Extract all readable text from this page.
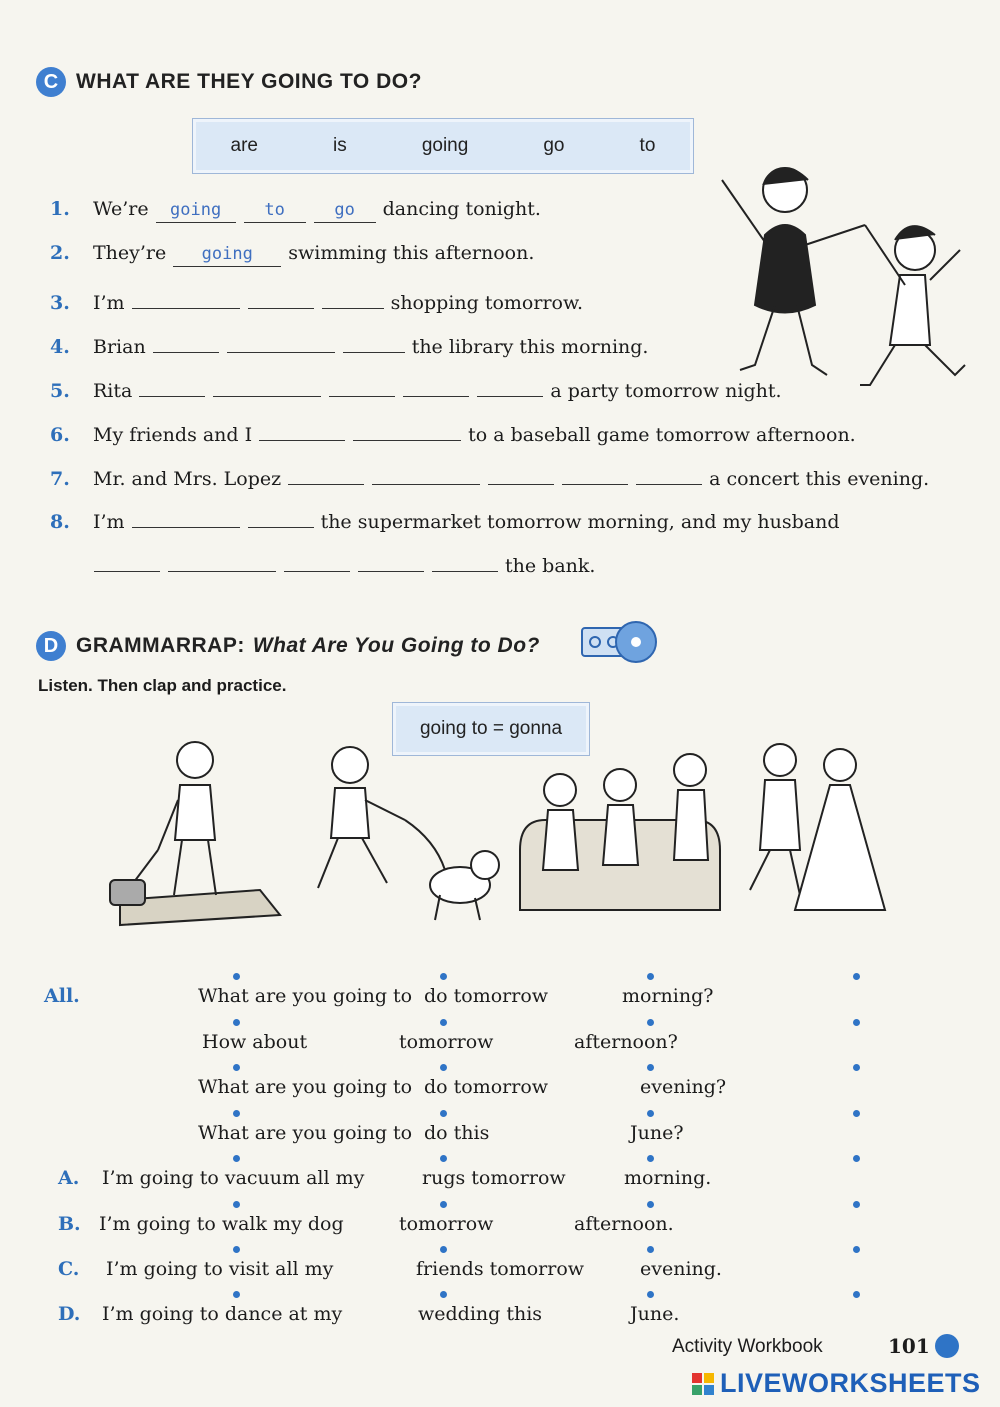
C WHAT ARE THEY GOING TO DO?
are	is	going	go	to
1.	We’re	going	to	go	dancing tonight.
2.	They’re	going	swimming this afternoon.
3.	I’m	shopping tomorrow.
4.	Brian	the library this morning.
5.	Rita	a party tomorrow night.
6.	My friends and I	to a baseball game tomorrow afternoon.
7.	Mr. and Mrs. Lopez	a concert this evening.
8.	I’m	the supermarket tomorrow morning, and my husband
the bank.
D GRAMMARRAP: What Are You Going to Do?
Listen. Then clap and practice.
going to = gonna
All.	What are you going to do tomorrow	morning?
How about	tomorrow	afternoon?
What are you going to do tomorrow	evening?
What are you going to do this	June?
A. I’m going to vacuum all my	rugs tomorrow	morning.
B. I’m going to walk my dog	tomorrow	afternoon.
C. I’m going to visit all my	friends tomorrow	evening.
D. I’m going to dance at my	wedding this	June.
Activity Workbook	101
LIVEWORKSHEETS
